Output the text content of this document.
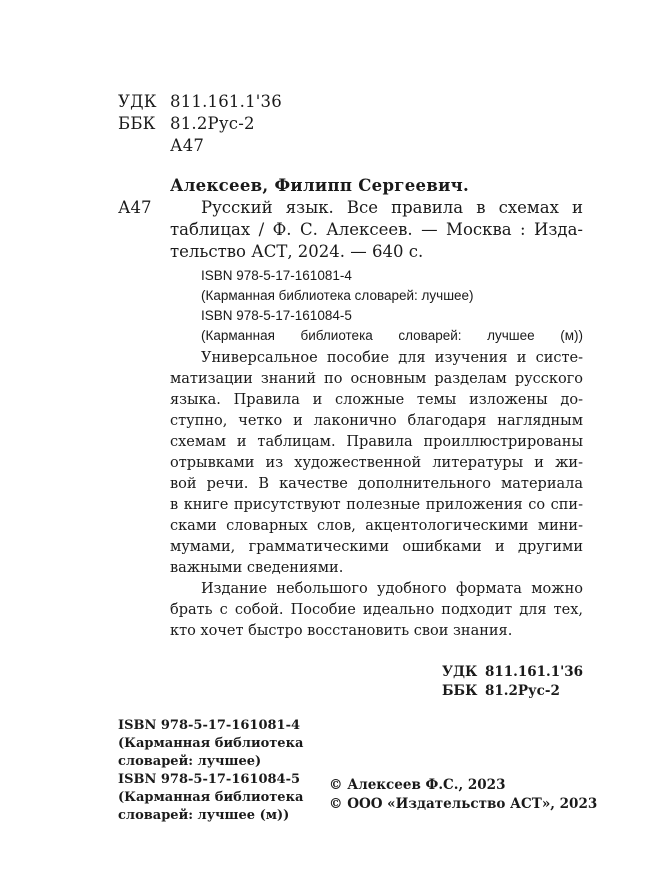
УДК 811.161.1'36
ББК 81.2Рус-2
А47
Алексеев, Филипп Сергеевич.
А47	Русский язык. Все правила в схемах и
таблицах / Ф. С. Алексеев. — Москва : Изда-
тельство АСТ, 2024. — 640 с.
ISBN 978-5-17-161081-4
(Карманная библиотека словарей: лучшее)
ISBN 978-5-17-161084-5
(Карманная библиотека словарей: лучшее (м))
Универсальное пособие для изучения и систе-
матизации знаний по основным разделам русского
языка. Правила и сложные темы изложены до-
ступно, четко и лаконично благодаря наглядным
схемам и таблицам. Правила проиллюстрированы
отрывками из художественной литературы и жи-
вой речи. В качестве дополнительного материала
в книге присутствуют полезные приложения со спи-
сками словарных слов, акцентологическими мини-
мумами, грамматическими ошибками и другими
важными сведениями.
Издание небольшого удобного формата можно
брать с собой. Пособие идеально подходит для тех,
кто хочет быстро восстановить свои знания.
УДК 811.161.1'36
ББК 81.2Рус-2
ISBN 978-5-17-161081-4
(Карманная библиотека
словарей: лучшее)
ISBN 978-5-17-161084-5
(Карманная библиотека
словарей: лучшее (м))
© Алексеев Ф.С., 2023
© ООО «Издательство АСТ», 2023
